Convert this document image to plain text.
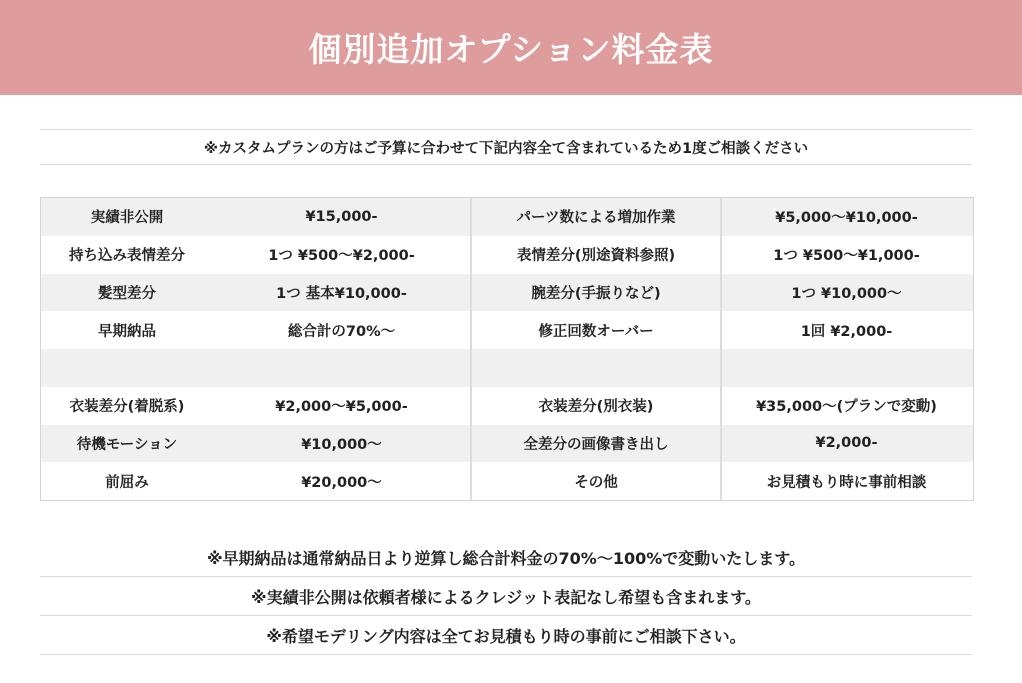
個別追加オプション料金表
※カスタムプランの方はご予算に合わせて下記内容全て含まれているため1度ご相談ください
実績非公開	¥15,000-	パーツ数による増加作業	¥5,000〜¥10,000-
持ち込み表情差分	1つ ¥500〜¥2,000-	表情差分(別途資料参照)	1つ ¥500〜¥1,000-
髪型差分	1つ 基本¥10,000-	腕差分(手振りなど)	1つ ¥10,000〜
早期納品	総合計の70%〜	修正回数オーバー	1回 ¥2,000-
衣装差分(着脱系)	¥2,000〜¥5,000-	衣装差分(別衣装)	¥35,000〜(プランで変動)
待機モーション	¥10,000〜	全差分の画像書き出し	¥2,000-
前屈み	¥20,000〜	その他	お見積もり時に事前相談
※早期納品は通常納品日より逆算し総合計料金の70%〜100%で変動いたします。
※実績非公開は依頼者様によるクレジット表記なし希望も含まれます。
※希望モデリング内容は全てお見積もり時の事前にご相談下さい。
